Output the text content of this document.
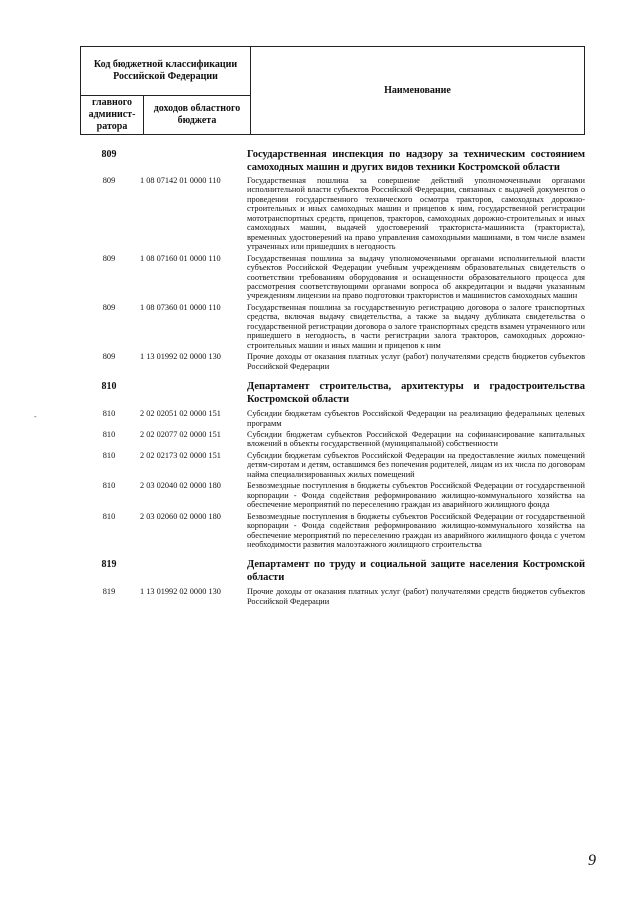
Код бюджетной классификации Российской Федерации		Наименование
главного админист-ратора	доходов областного бюджета	
809	Государственная инспекция по надзору за техническим состоянием самоходных машин и других видов техники Костромской области
809	1 08 07142 01 0000 110	Государственная пошлина за совершение действий уполномоченными органами исполнительной власти субъектов Российской Федерации, связанных с выдачей документов о проведении государственного технического осмотра тракторов, самоходных дорожно-строительных и иных самоходных машин и прицепов к ним, государственной регистрации мототранспортных средств, прицепов, тракторов, самоходных дорожно-строительных и иных самоходных машин, выдачей удостоверений тракториста-машиниста (тракториста), временных удостоверений на право управления самоходными машинами, в том числе взамен утраченных или пришедших в негодность
809	1 08 07160 01 0000 110	Государственная пошлина за выдачу уполномоченными органами исполнительной власти субъектов Российской Федерации учебным учреждениям образовательных свидетельств о соответствии требованиям оборудования и оснащенности образовательного процесса для рассмотрения соответствующими органами вопроса об аккредитации и выдачи указанным учреждениям лицензии на право подготовки трактористов и машинистов самоходных машин
809	1 08 07360 01 0000 110	Государственная пошлина за государственную регистрацию договора о залоге транспортных средства, включая выдачу свидетельства, а также за выдачу дубликата свидетельства о государственной регистрации договора о залоге транспортных средств взамен утраченного или пришедшего в негодность, в части регистрации залога тракторов, самоходных дорожно-строительных машин и иных машин и прицепов к ним
809	1 13 01992 02 0000 130	Прочие доходы от оказания платных услуг (работ) получателями средств бюджетов субъектов Российской Федерации
810	Департамент строительства, архитектуры и градостроительства Костромской области
810	2 02 02051 02 0000 151	Субсидии бюджетам субъектов Российской Федерации на реализацию федеральных целевых программ
810	2 02 02077 02 0000 151	Субсидии бюджетам субъектов Российской Федерации на софинансирование капитальных вложений в объекты государственной (муниципальной) собственности
810	2 02 02173 02 0000 151	Субсидии бюджетам субъектов Российской Федерации на предоставление жилых помещений детям-сиротам и детям, оставшимся без попечения родителей, лицам из их числа по договорам найма специализированных жилых помещений
810	2 03 02040 02 0000 180	Безвозмездные поступления в бюджеты субъектов Российской Федерации от государственной корпорации - Фонда содействия реформированию жилищно-коммунального хозяйства на обеспечение мероприятий по переселению граждан из аварийного жилищного фонда
810	2 03 02060 02 0000 180	Безвозмездные поступления в бюджеты субъектов Российской Федерации от государственной корпорации - Фонда содействия реформированию жилищно-коммунального хозяйства на обеспечение мероприятий по переселению граждан из аварийного жилищного фонда с учетом необходимости развития малоэтажного жилищного строительства
819	Департамент по труду и социальной защите населения Костромской области
819	1 13 01992 02 0000 130	Прочие доходы от оказания платных услуг (работ) получателями средств бюджетов субъектов Российской Федерации
-
9
